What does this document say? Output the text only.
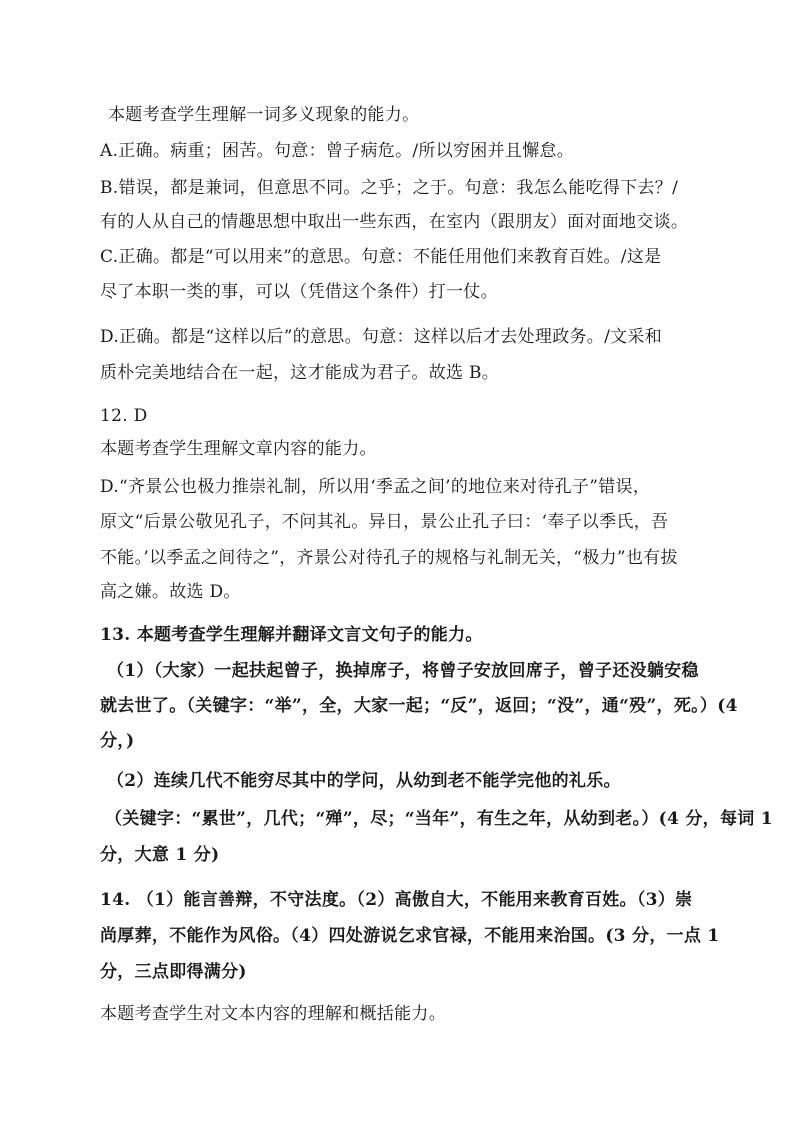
本题考查学生理解一词多义现象的能力。
A.正确。病重；困苦。句意：曾子病危。/所以穷困并且懈怠。
B.错误，都是兼词，但意思不同。之乎；之于。句意：我怎么能吃得下去？/
有的人从自己的情趣思想中取出一些东西，在室内（跟朋友）面对面地交谈。
C.正确。都是“可以用来”的意思。句意：不能任用他们来教育百姓。/这是
尽了本职一类的事，可以（凭借这个条件）打一仗。
D.正确。都是“这样以后”的意思。句意：这样以后才去处理政务。/文采和
质朴完美地结合在一起，这才能成为君子。故选 B。
12. D
本题考查学生理解文章内容的能力。
D.“齐景公也极力推崇礼制，所以用‘季孟之间’的地位来对待孔子”错误，
原文“后景公敬见孔子，不问其礼。异日，景公止孔子曰：‘奉子以季氏，吾
不能。’以季孟之间待之”，齐景公对待孔子的规格与礼制无关，“极力”也有拔
高之嫌。故选 D。
13. 本题考查学生理解并翻译文言文句子的能力。
（1）（大家）一起扶起曾子，换掉席子，将曾子安放回席子，曾子还没躺安稳
就去世了。（关键字：“举”，全，大家一起；“反”，返回；“没”，通“殁”，死。）(4
分，)
（2）连续几代不能穷尽其中的学问，从幼到老不能学完他的礼乐。
（关键字：“累世”，几代；“殚”，尽；“当年”，有生之年，从幼到老。）(4 分，每词 1
分，大意 1 分)
14. （1）能言善辩，不守法度。（2）高傲自大，不能用来教育百姓。（3）崇
尚厚葬，不能作为风俗。（4）四处游说乞求官禄，不能用来治国。(3 分，一点 1
分，三点即得满分)
本题考查学生对文本内容的理解和概括能力。
